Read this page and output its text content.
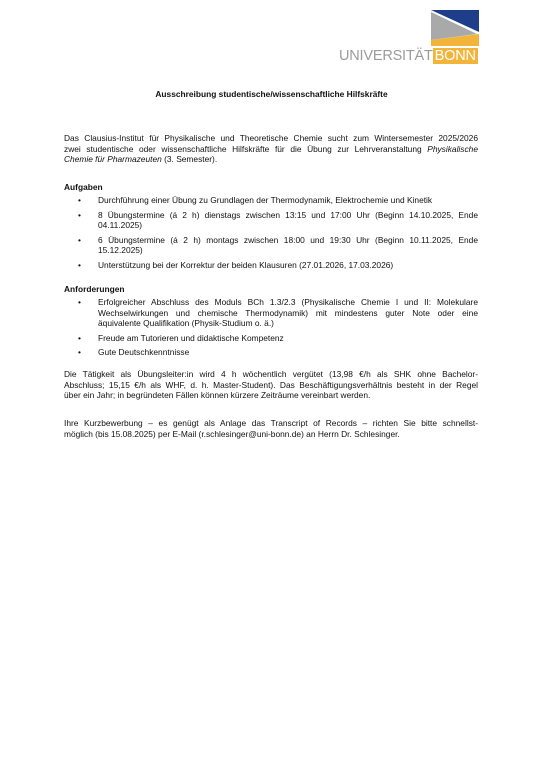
UNIVERSITÄT BONN
Ausschreibung studentische/wissenschaftliche Hilfskräfte
Das Clausius-Institut für Physikalische und Theoretische Chemie sucht zum Wintersemester 2025/2026
zwei studentische oder wissenschaftliche Hilfskräfte für die Übung zur Lehrveranstaltung Physikalische
Chemie für Pharmazeuten (3. Semester).
Aufgaben
• Durchführung einer Übung zu Grundlagen der Thermodynamik, Elektrochemie und Kinetik
• 8 Übungstermine (á 2 h) dienstags zwischen 13:15 und 17:00 Uhr (Beginn 14.10.2025, Ende
04.11.2025)
• 6 Übungstermine (á 2 h) montags zwischen 18:00 und 19:30 Uhr (Beginn 10.11.2025, Ende
15.12.2025)
• Unterstützung bei der Korrektur der beiden Klausuren (27.01.2026, 17.03.2026)
Anforderungen
• Erfolgreicher Abschluss des Moduls BCh 1.3/2.3 (Physikalische Chemie I und II: Molekulare
Wechselwirkungen und chemische Thermodynamik) mit mindestens guter Note oder eine
äquivalente Qualifikation (Physik-Studium o. ä.)
• Freude am Tutorieren und didaktische Kompetenz
• Gute Deutschkenntnisse
Die Tätigkeit als Übungsleiter:in wird 4 h wöchentlich vergütet (13,98 €/h als SHK ohne Bachelor-
Abschluss; 15,15 €/h als WHF, d. h. Master-Student). Das Beschäftigungsverhältnis besteht in der Regel
über ein Jahr; in begründeten Fällen können kürzere Zeiträume vereinbart werden.
Ihre Kurzbewerbung – es genügt als Anlage das Transcript of Records – richten Sie bitte schnellst-
möglich (bis 15.08.2025) per E-Mail (r.schlesinger@uni-bonn.de) an Herrn Dr. Schlesinger.
